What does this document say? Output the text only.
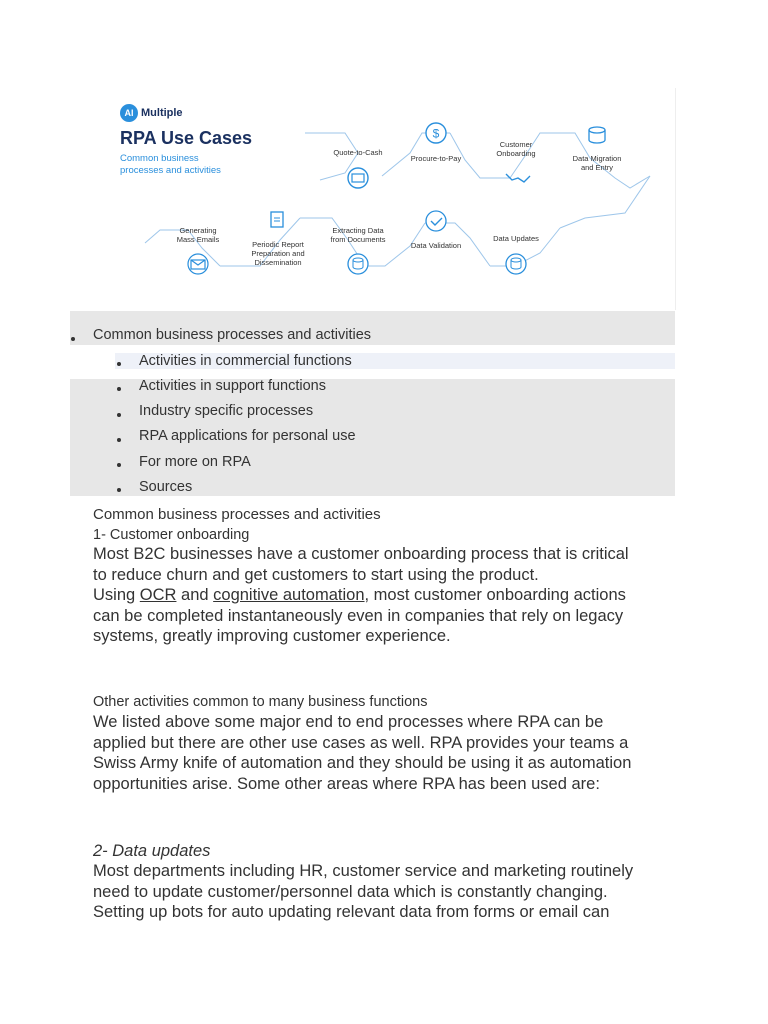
AI Multiple
RPA Use Cases
Common business
processes and activities
$
Quote-to-Cash
Procure-to-Pay
Customer
Onboarding
Data Migration
and Entry
Generating
Mass Emails
Periodic Report
Preparation and
Dissemination
Extracting Data
from Documents
Data Validation
Data Updates
Common business processes and activities
Activities in commercial functions
Activities in support functions
Industry specific processes
RPA applications for personal use
For more on RPA
Sources
Common business processes and activities
1- Customer onboarding
Most B2C businesses have a customer onboarding process that is critical
to reduce churn and get customers to start using the product.
Using OCR and cognitive automation, most customer onboarding actions
can be completed instantaneously even in companies that rely on legacy
systems, greatly improving customer experience.
Other activities common to many business functions
We listed above some major end to end processes where RPA can be
applied but there are other use cases as well. RPA provides your teams a
Swiss Army knife of automation and they should be using it as automation
opportunities arise. Some other areas where RPA has been used are:
2- Data updates
Most departments including HR, customer service and marketing routinely
need to update customer/personnel data which is constantly changing.
Setting up bots for auto updating relevant data from forms or email can
